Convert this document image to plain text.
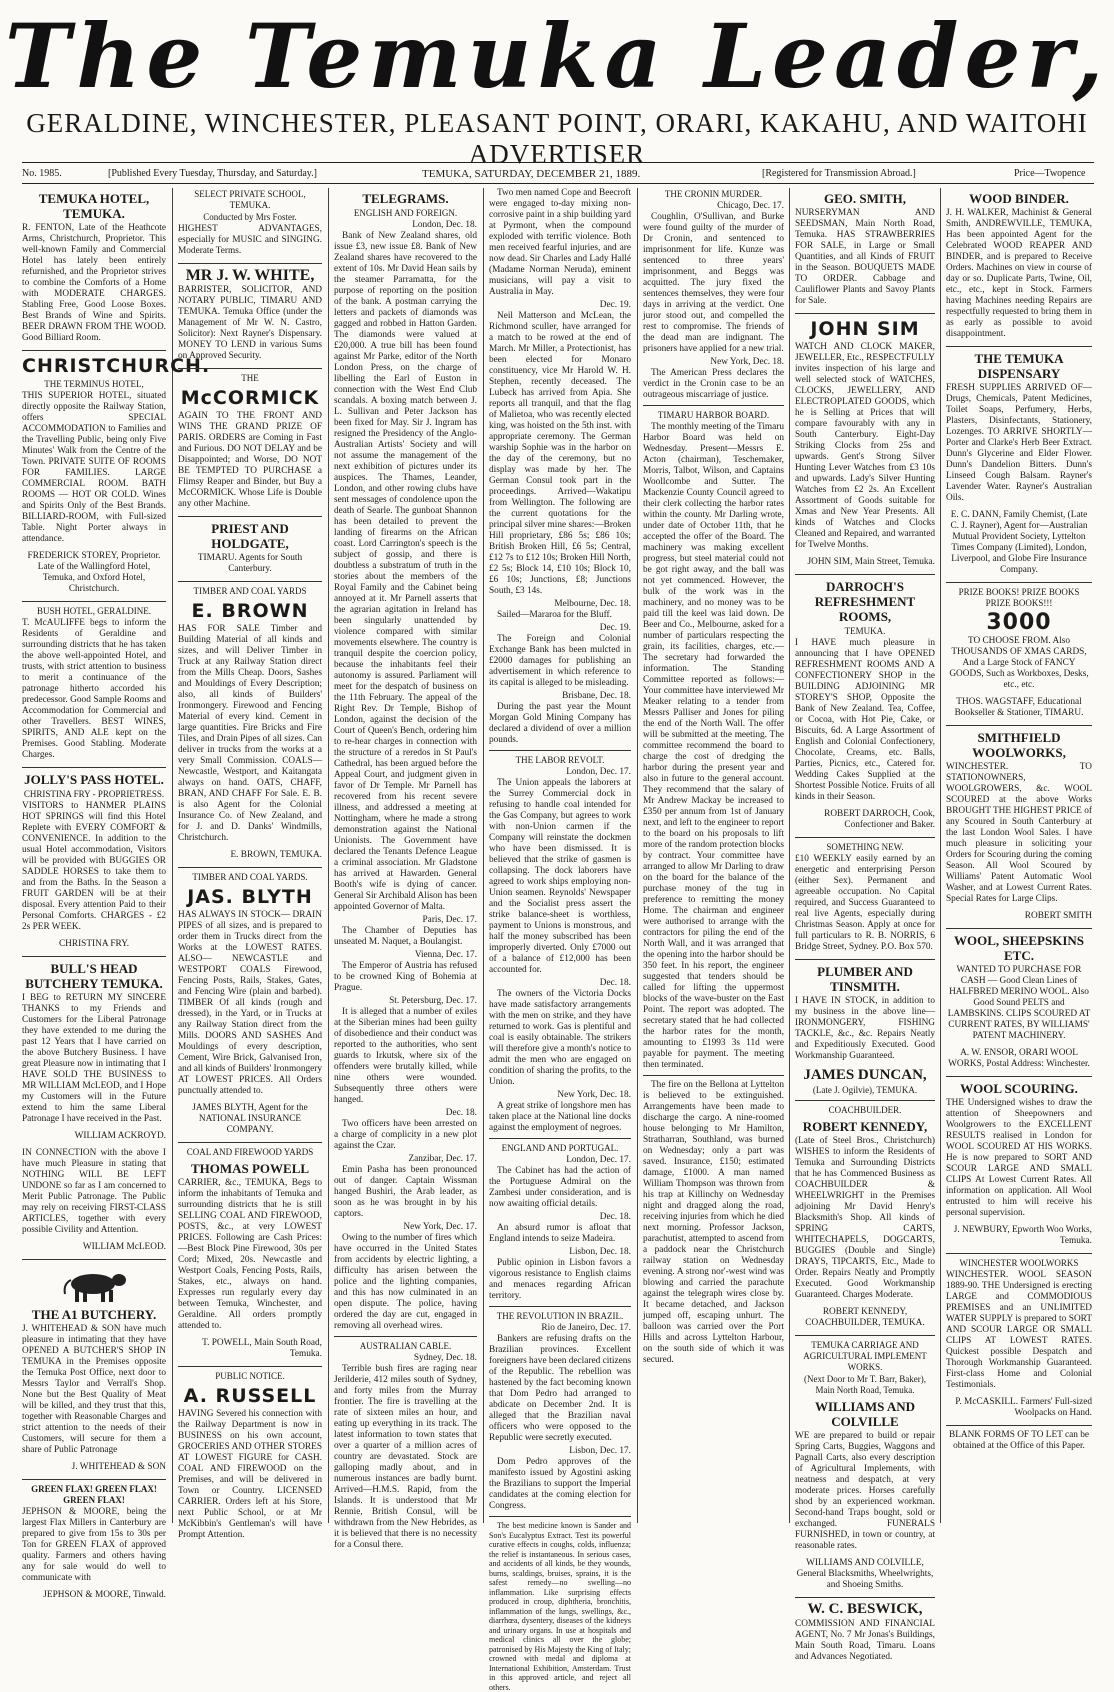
The Temuka Leader,
GERALDINE, WINCHESTER, PLEASANT POINT, ORARI, KAKAHU, AND WAITOHI ADVERTISER
No. 1985.	[Published Every Tuesday, Thursday, and Saturday.]	TEMUKA, SATURDAY, DECEMBER 21, 1889.	[Registered for Transmission Abroad.]	Price—Twopence
TEMUKA HOTEL, TEMUKA.
R. FENTON, Late of the Heathcote Arms, Christchurch, Proprietor. This well-known Family and Commercial Hotel has lately been entirely refurnished, and the Proprietor strives to combine the Comforts of a Home with MODERATE CHARGES. Stabling Free, Good Loose Boxes. Best Brands of Wine and Spirits. BEER DRAWN FROM THE WOOD. Good Billiard Room.
CHRISTCHURCH.
THE TERMINUS HOTEL,
THIS SUPERIOR HOTEL, situated directly opposite the Railway Station, offers SPECIAL ACCOMMODATION to Families and the Travelling Public, being only Five Minutes' Walk from the Centre of the Town. PRIVATE SUITE OF ROOMS FOR FAMILIES. LARGE COMMERCIAL ROOM. BATH ROOMS — HOT OR COLD. Wines and Spirits Only of the Best Brands. BILLIARD-ROOM, with Full-sized Table. Night Porter always in attendance.
FREDERICK STOREY, Proprietor. Late of the Wallingford Hotel, Temuka, and Oxford Hotel, Christchurch.
BUSH HOTEL, GERALDINE.
T. McAULIFFE begs to inform the Residents of Geraldine and surrounding districts that he has taken the above well-appointed Hotel, and trusts, with strict attention to business to merit a continuance of the patronage hitherto accorded his predecessor. Good Sample Rooms and Accommodation for Commercial and other Travellers. BEST WINES, SPIRITS, AND ALE kept on the Premises. Good Stabling. Moderate Charges.
JOLLY'S PASS HOTEL.
CHRISTINA FRY - PROPRIETRESS.
VISITORS to HANMER PLAINS HOT SPRINGS will find this Hotel Replete with EVERY COMFORT & CONVENIENCE. In addition to the usual Hotel accommodation, Visitors will be provided with BUGGIES OR SADDLE HORSES to take them to and from the Baths. In the Season a FRUIT GARDEN will be at their disposal. Every attention Paid to their Personal Comforts. CHARGES - £2 2s PER WEEK.
CHRISTINA FRY.
BULL'S HEAD BUTCHERY TEMUKA.
I BEG to RETURN MY SINCERE THANKS to my Friends and Customers for the Liberal Patronage they have extended to me during the past 12 Years that I have carried on the above Butchery Business. I have great Pleasure now in intimating that I HAVE SOLD THE BUSINESS to MR WILLIAM McLEOD, and I Hope my Customers will in the Future extend to him the same Liberal Patronage I have received in the Past.
WILLIAM ACKROYD.
IN CONNECTION with the above I have much Pleasure in stating that NOTHING WILL BE LEFT UNDONE so far as I am concerned to Merit Public Patronage. The Public may rely on receiving FIRST-CLASS ARTICLES, together with every possible Civility and Attention.
WILLIAM McLEOD.
THE A1 BUTCHERY.
J. WHITEHEAD & SON have much pleasure in intimating that they have OPENED A BUTCHER'S SHOP IN TEMUKA in the Premises opposite the Temuka Post Office, next door to Messrs Taylor and Verrall's Shop. None but the Best Quality of Meat will be killed, and they trust that this, together with Reasonable Charges and strict attention to the needs of their Customers, will secure for them a share of Public Patronage
J. WHITEHEAD & SON
GREEN FLAX! GREEN FLAX! GREEN FLAX!
JEPHSON & MOORE, being the largest Flax Millers in Canterbury are prepared to give from 15s to 30s per Ton for GREEN FLAX of approved quality. Farmers and others having any for sale would do well to communicate with
JEPHSON & MOORE, Tinwald.
SELECT PRIVATE SCHOOL, TEMUKA.
Conducted by Mrs Foster.
HIGHEST ADVANTAGES, especially for MUSIC and SINGING. Moderate Terms.
MR J. W. WHITE,
BARRISTER, SOLICITOR, AND NOTARY PUBLIC, TIMARU AND TEMUKA. Temuka Office (under the Management of Mr W. N. Castro, Solicitor): Next Rayner's Dispensary. MONEY TO LEND in various Sums on Approved Security.
THE
McCORMICK
AGAIN TO THE FRONT AND WINS THE GRAND PRIZE OF PARIS. ORDERS are Coming in Fast and Furious. DO NOT DELAY and be Disappointed; and Worse, DO NOT BE TEMPTED TO PURCHASE a Flimsy Reaper and Binder, but Buy a McCORMICK. Whose Life is Double any other Machine.
PRIEST AND HOLDGATE,
TIMARU. Agents for South Canterbury.
TIMBER AND COAL YARDS
E. BROWN
HAS FOR SALE Timber and Building Material of all kinds and sizes, and will Deliver Timber in Truck at any Railway Station direct from the Mills Cheap. Doors, Sashes and Mouldings of Every Description; also, all kinds of Builders' Ironmongery. Firewood and Fencing Material of every kind. Cement in large quantities. Fire Bricks and Fire Tiles, and Drain Pipes of all sizes. Can deliver in trucks from the works at a very Small Commission. COALS—Newcastle, Westport, and Kaitangata always on hand. OATS, CHAFF, BRAN, AND CHAFF For Sale. E. B. is also Agent for the Colonial Insurance Co. of New Zealand, and for J. and D. Danks' Windmills, Christchurch.
E. BROWN, TEMUKA.
TIMBER AND COAL YARDS.
JAS. BLYTH
HAS ALWAYS IN STOCK— DRAIN PIPES of all sizes, and is prepared to order them in Trucks direct from the Works at the LOWEST RATES. ALSO— NEWCASTLE and WESTPORT COALS Firewood, Fencing Posts, Rails, Stakes, Gates, and Fencing Wire (plain and barbed). TIMBER Of all kinds (rough and dressed), in the Yard, or in Trucks at any Railway Station direct from the Mills. DOORS AND SASHES And Mouldings of every description, Cement, Wire Brick, Galvanised Iron, and all kinds of Builders' Ironmongery AT LOWEST PRICES. All Orders punctually attended to.
JAMES BLYTH, Agent for the NATIONAL INSURANCE COMPANY.
COAL AND FIREWOOD YARDS
THOMAS POWELL
CARRIER, &c., TEMUKA, Begs to inform the inhabitants of Temuka and surrounding districts that he is still SELLING COAL AND FIREWOOD, POSTS, &c., at very LOWEST PRICES. Following are Cash Prices:—Best Block Pine Firewood, 30s per Cord; Mixed, 20s. Newcastle and Westport Coals, Fencing Posts, Rails, Stakes, etc., always on hand. Expresses run regularly every day between Temuka, Winchester, and Geraldine. All orders promptly attended to.
T. POWELL, Main South Road, Temuka.
PUBLIC NOTICE.
A. RUSSELL
HAVING Severed his connection with the Railway Department is now in BUSINESS on his own account, GROCERIES AND OTHER STORES AT LOWEST FIGURE for CASH. COAL AND FIREWOOD on the Premises, and will be delivered in Town or Country. LICENSED CARRIER. Orders left at his Store, next Public School, or at Mr McKibbin's Gentleman's will have Prompt Attention.
TELEGRAMS.
ENGLISH AND FOREIGN.
London, Dec. 18.
Bank of New Zealand shares, old issue £3, new issue £8. Bank of New Zealand shares have recovered to the extent of 10s. Mr David Hean sails by the steamer Parramatta, for the purpose of reporting on the position of the bank. A postman carrying the letters and packets of diamonds was gagged and robbed in Hatton Garden. The diamonds were valued at £20,000. A true bill has been found against Mr Parke, editor of the North London Press, on the charge of libelling the Earl of Euston in connection with the West End Club scandals. A boxing match between J. L. Sullivan and Peter Jackson has been fixed for May. Sir J. Ingram has resigned the Presidency of the Anglo-Australian Artists' Society and will not assume the management of the next exhibition of pictures under its auspices. The Thames, Leander, London, and other rowing clubs have sent messages of condolence upon the death of Searle. The gunboat Shannon has been detailed to prevent the landing of firearms on the African coast. Lord Carrington's speech is the subject of gossip, and there is doubtless a substratum of truth in the stories about the members of the Royal Family and the Cabinet being annoyed at it. Mr Parnell asserts that the agrarian agitation in Ireland has been singularly unattended by violence compared with similar movements elsewhere. The country is tranquil despite the coercion policy, because the inhabitants feel their autonomy is assured. Parliament will meet for the despatch of business on the 11th February. The appeal of the Right Rev. Dr Temple, Bishop of London, against the decision of the Court of Queen's Bench, ordering him to re-hear charges in connection with the structure of a reredos in St Paul's Cathedral, has been argued before the Appeal Court, and judgment given in favor of Dr Temple. Mr Parnell has recovered from his recent severe illness, and addressed a meeting at Nottingham, where he made a strong demonstration against the National Unionists. The Government have declared the Tenants Defence League a criminal association. Mr Gladstone has arrived at Hawarden. General Booth's wife is dying of cancer. General Sir Archibald Alison has been appointed Governor of Malta.
Paris, Dec. 17.
The Chamber of Deputies has unseated M. Naquet, a Boulangist.
Vienna, Dec. 17.
The Emperor of Austria has refused to be crowned King of Bohemia at Prague.
St. Petersburg, Dec. 17.
It is alleged that a number of exiles at the Siberian mines had been guilty of disobedience and their conduct was reported to the authorities, who sent guards to Irkutsk, where six of the offenders were brutally killed, while nine others were wounded. Subsequently three others were hanged.
Dec. 18.
Two officers have been arrested on a charge of complicity in a new plot against the Czar.
Zanzibar, Dec. 17.
Emin Pasha has been pronounced out of danger. Captain Wissman hanged Bushiri, the Arab leader, as soon as he was brought in by his captors.
New York, Dec. 17.
Owing to the number of fires which have occurred in the United States from accidents by electric lighting, a difficulty has arisen between the police and the lighting companies, and this has now culminated in an open dispute. The police, having ordered the day are cut, engaged in removing all overhead wires.
AUSTRALIAN CABLE.
Sydney, Dec. 18.
Terrible bush fires are raging near Jerilderie, 412 miles south of Sydney, and forty miles from the Murray frontier. The fire is travelling at the rate of sixteen miles an hour, and eating up everything in its track. The latest information to town states that over a quarter of a million acres of country are devastated. Stock are galloping madly about, and in numerous instances are badly burnt. Arrived—H.M.S. Rapid, from the Islands. It is understood that Mr Rennie, British Consul, will be withdrawn from the New Hebrides, as it is believed that there is no necessity for a Consul there.
Two men named Cope and Beecroft were engaged to-day mixing non-corrosive paint in a ship building yard at Pyrmont, when the compound exploded with terrific violence. Both men received fearful injuries, and are now dead. Sir Charles and Lady Hallé (Madame Norman Neruda), eminent musicians, will pay a visit to Australia in May.
Dec. 19.
Neil Matterson and McLean, the Richmond sculler, have arranged for a match to be rowed at the end of March. Mr Miller, a Protectionist, has been elected for Monaro constituency, vice Mr Harold W. H. Stephen, recently deceased. The Lubeck has arrived from Apia. She reports all tranquil, and that the flag of Malietoa, who was recently elected king, was hoisted on the 5th inst. with appropriate ceremony. The German warship Sophie was in the harbor on the day of the ceremony, but no display was made by her. The German Consul took part in the proceedings. Arrived—Wakatipu from Wellington. The following are the current quotations for the principal silver mine shares:—Broken Hill proprietary, £86 5s; £86 10s; British Broken Hill, £6 5s; Central, £12 7s to £12 10s; Broken Hill North, £2 5s; Block 14, £10 10s; Block 10, £6 10s; Junctions, £8; Junctions South, £3 14s.
Melbourne, Dec. 18.
Sailed—Mararoa for the Bluff.
Dec. 19.
The Foreign and Colonial Exchange Bank has been mulcted in £2000 damages for publishing an advertisement in which reference to its capital is alleged to be misleading.
Brisbane, Dec. 18.
During the past year the Mount Morgan Gold Mining Company has declared a dividend of over a million pounds.
THE LABOR REVOLT.
London, Dec. 17.
The Union appeals the laborers at the Surrey Commercial dock in refusing to handle coal intended for the Gas Company, but agrees to work with non-Union carmen if the Company will reinstate the dockmen who have been dismissed. It is believed that the strike of gasmen is collapsing. The dock laborers have agreed to work ships employing non-Union seamen. Reynolds' Newspaper and the Socialist press assert the strike balance-sheet is worthless, payment to Unions is monstrous, and half the money subscribed has been improperly diverted. Only £7000 out of a balance of £12,000 has been accounted for.
Dec. 18.
The owners of the Victoria Docks have made satisfactory arrangements with the men on strike, and they have returned to work. Gas is plentiful and coal is easily obtainable. The strikers will therefore give a month's notice to admit the men who are engaged on condition of sharing the profits, to the Union.
New York, Dec. 18.
A great strike of longshore men has taken place at the National line docks against the employment of negroes.
ENGLAND AND PORTUGAL.
London, Dec. 17.
The Cabinet has had the action of the Portuguese Admiral on the Zambesi under consideration, and is now awaiting official details.
Dec. 18.
An absurd rumor is afloat that England intends to seize Madeira.
Lisbon, Dec. 18.
Public opinion in Lisbon favors a vigorous resistance to English claims and menaces regarding African territory.
THE REVOLUTION IN BRAZIL.
Rio de Janeiro, Dec. 17.
Bankers are refusing drafts on the Brazilian provinces. Excellent foreigners have been declared citizens of the Republic. The rebellion was hastened by the fact becoming known that Dom Pedro had arranged to abdicate on December 2nd. It is alleged that the Brazilian naval officers who were opposed to the Republic were secretly executed.
Lisbon, Dec. 17.
Dom Pedro approves of the manifesto issued by Agostini asking the Brazilians to support the Imperial candidates at the coming election for Congress.
The best medicine known is Sander and Son's Eucalyptus Extract. Test its powerful curative effects in coughs, colds, influenza; the relief is instantaneous. In serious cases, and accidents of all kinds, be they wounds, burns, scaldings, bruises, sprains, it is the safest remedy—no swelling—no inflammation. Like surprising effects produced in croup, diphtheria, bronchitis, inflammation of the lungs, swellings, &c., diarrhœa, dysentery, diseases of the kidneys and urinary organs. In use at hospitals and medical clinics all over the globe; patronised by His Majesty the King of Italy; crowned with medal and diploma at International Exhibition, Amsterdam. Trust in this approved article, and reject all others.
THE CRONIN MURDER.
Chicago, Dec. 17.
Coughlin, O'Sullivan, and Burke were found guilty of the murder of Dr Cronin, and sentenced to imprisonment for life. Kunze was sentenced to three years' imprisonment, and Beggs was acquitted. The jury fixed the sentences themselves, they were four days in arriving at the verdict. One juror stood out, and compelled the rest to compromise. The friends of the dead man are indignant. The prisoners have applied for a new trial.
New York, Dec. 18.
The American Press declares the verdict in the Cronin case to be an outrageous miscarriage of justice.
TIMARU HARBOR BOARD.
The monthly meeting of the Timaru Harbor Board was held on Wednesday. Present—Messrs E. Acton (chairman), Teschemaker, Morris, Talbot, Wilson, and Captains Woollcombe and Sutter. The Mackenzie County Council agreed to their clerk collecting the harbor rates within the county. Mr Darling wrote, under date of October 11th, that he accepted the offer of the Board. The machinery was making excellent progress, but steel material could not be got right away, and the ball was not yet commenced. However, the bulk of the work was in the machinery, and no money was to be paid till the keel was laid down. De Beer and Co., Melbourne, asked for a number of particulars respecting the grain, its facilities, charges, etc.—The secretary had forwarded the information. The Standing Committee reported as follows:—Your committee have interviewed Mr Meaker relating to a tender from Messrs Palliser and Jones for piling the end of the North Wall. The offer will be submitted at the meeting. The committee recommend the board to charge the cost of dredging the harbor during the present year and also in future to the general account. They recommend that the salary of Mr Andrew Mackay be increased to £350 per annum from 1st of January next, and left to the engineer to report to the board on his proposals to lift more of the random protection blocks by contract. Your committee have arranged to allow Mr Darling to draw on the board for the balance of the purchase money of the tug in preference to remitting the money Home. The chairman and engineer were authorised to arrange with the contractors for piling the end of the North Wall, and it was arranged that the opening into the harbor should be 350 feet. In his report, the engineer suggested that tenders should be called for lifting the uppermost blocks of the wave-buster on the East Point. The report was adopted. The secretary stated that he had collected the harbor rates for the month, amounting to £1993 3s 11d were payable for payment. The meeting then terminated.
The fire on the Bellona at Lyttelton is believed to be extinguished. Arrangements have been made to discharge the cargo. A nine-roomed house belonging to Mr Hamilton, Stratharran, Southland, was burned on Wednesday; only a part was saved. Insurance, £150; estimated damage, £1000. A man named William Thompson was thrown from his trap at Killinchy on Wednesday night and dragged along the road, receiving injuries from which he died next morning. Professor Jackson, parachutist, attempted to ascend from a paddock near the Christchurch railway station on Wednesday evening. A strong nor'-west wind was blowing and carried the parachute against the telegraph wires close by. It became detached, and Jackson jumped off, escaping unhurt. The balloon was carried over the Port Hills and across Lyttelton Harbour, on the south side of which it was secured.
GEO. SMITH,
NURSERYMAN AND SEEDSMAN, Main North Road, Temuka. HAS STRAWBERRIES FOR SALE, in Large or Small Quantities, and all Kinds of FRUIT in the Season. BOUQUETS MADE TO ORDER. Cabbage and Cauliflower Plants and Savoy Plants for Sale.
JOHN SIM
WATCH AND CLOCK MAKER, JEWELLER, Etc., RESPECTFULLY invites inspection of his large and well selected stock of WATCHES, CLOCKS, JEWELLERY, AND ELECTROPLATED GOODS, which he is Selling at Prices that will compare favourably with any in South Canterbury. Eight-Day Striking Clocks from 25s and upwards. Gent's Strong Silver Hunting Lever Watches from £3 10s and upwards. Lady's Silver Hunting Watches from £2 2s. An Excellent Assortment of Goods suitable for Xmas and New Year Presents. All kinds of Watches and Clocks Cleaned and Repaired, and warranted for Twelve Months.
JOHN SIM, Main Street, Temuka.
DARROCH'S REFRESHMENT ROOMS,
TEMUKA.
I HAVE much pleasure in announcing that I have OPENED REFRESHMENT ROOMS AND A CONFECTIONERY SHOP in the BUILDING ADJOINING MR STOREY'S SHOP, Opposite the Bank of New Zealand. Tea, Coffee, or Cocoa, with Hot Pie, Cake, or Biscuits, 6d. A Large Assortment of English and Colonial Confectionery, Chocolate, Creams, etc. Balls, Parties, Picnics, etc., Catered for. Wedding Cakes Supplied at the Shortest Possible Notice. Fruits of all kinds in their Season.
ROBERT DARROCH, Cook, Confectioner and Baker.
SOMETHING NEW.
£10 WEEKLY easily earned by an energetic and enterprising Person (either Sex). Permanent and agreeable occupation. No Capital required, and Success Guaranteed to real live Agents, especially during Christmas Season. Apply at once for full particulars to R. B. NORRIS, 6 Bridge Street, Sydney. P.O. Box 570.
PLUMBER AND TINSMITH.
I HAVE IN STOCK, in addition to my business in the above line—IRONMONGERY, FISHING TACKLE, &c., &c. Repairs Neatly and Expeditiously Executed. Good Workmanship Guaranteed.
JAMES DUNCAN,
(Late J. Ogilvie), TEMUKA.
COACHBUILDER.
ROBERT KENNEDY,
(Late of Steel Bros., Christchurch) WISHES to inform the Residents of Temuka and Surrounding Districts that he has Commenced Business as COACHBUILDER & WHEELWRIGHT in the Premises adjoining Mr David Henry's Blacksmith's Shop. All kinds of SPRING CARTS, WHITECHAPELS, DOGCARTS, BUGGIES (Double and Single) DRAYS, TIPCARTS, Etc., Made to Order. Repairs Neatly and Promptly Executed. Good Workmanship Guaranteed. Charges Moderate.
ROBERT KENNEDY, COACHBUILDER, TEMUKA.
TEMUKA CARRIAGE AND AGRICULTURAL IMPLEMENT WORKS.
(Next Door to Mr T. Barr, Baker), Main North Road, Temuka.
WILLIAMS AND COLVILLE
WE are prepared to build or repair Spring Carts, Buggies, Waggons and Pagnall Carts, also every description of Agricultural Implements, with neatness and despatch, at very moderate prices. Horses carefully shod by an experienced workman. Second-hand Traps bought, sold or exchanged. FUNERALS FURNISHED, in town or country, at reasonable rates.
WILLIAMS AND COLVILLE, General Blacksmiths, Wheelwrights, and Shoeing Smiths.
W. C. BESWICK,
COMMISSION AND FINANCIAL AGENT, No. 7 Mr Jonas's Buildings, Main South Road, Timaru. Loans and Advances Negotiated.
WOOD BINDER.
J. H. WALKER, Machinist & General Smith, ANDREWVILLE, TEMUKA, Has been appointed Agent for the Celebrated WOOD REAPER AND BINDER, and is prepared to Receive Orders. Machines on view in course of day or so. Duplicate Parts, Twine, Oil, etc., etc., kept in Stock. Farmers having Machines needing Repairs are respectfully requested to bring them in as early as possible to avoid disappointment.
THE TEMUKA DISPENSARY
FRESH SUPPLIES ARRIVED OF— Drugs, Chemicals, Patent Medicines, Toilet Soaps, Perfumery, Herbs, Plasters, Disinfectants, Stationery, Lozenges. TO ARRIVE SHORTLY— Porter and Clarke's Herb Beer Extract. Dunn's Glycerine and Elder Flower. Dunn's Dandelion Bitters. Dunn's Linseed Cough Balsam. Rayner's Lavender Water. Rayner's Australian Oils.
E. C. DANN, Family Chemist, (Late C. J. Rayner), Agent for—Australian Mutual Provident Society, Lyttelton Times Company (Limited), London, Liverpool, and Globe Fire Insurance Company.
PRIZE BOOKS! PRIZE BOOKS PRIZE BOOKS!!!
3000
TO CHOOSE FROM. Also THOUSANDS OF XMAS CARDS, And a Large Stock of FANCY GOODS, Such as Workboxes, Desks, etc., etc.
THOS. WAGSTAFF, Educational Bookseller & Stationer, TIMARU.
SMITHFIELD WOOLWORKS,
WINCHESTER. TO STATIONOWNERS, WOOLGROWERS, &c. WOOL SCOURED at the above Works BROUGHT THE HIGHEST PRICE of any Scoured in South Canterbury at the last London Wool Sales. I have much pleasure in soliciting your Orders for Scouring during the coming Season. All Wool Scoured by Williams' Patent Automatic Wool Washer, and at Lowest Current Rates. Special Rates for Large Clips.
ROBERT SMITH
WOOL, SHEEPSKINS ETC.
WANTED TO PURCHASE FOR CASH — Good Clean Lines of HALFBRED MERINO WOOL. Also Good Sound PELTS and LAMBSKINS. CLIPS SCOURED AT CURRENT RATES, BY WILLIAMS' PATENT MACHINERY.
A. W. ENSOR, ORARI WOOL WORKS, Postal Address: Winchester.
WOOL SCOURING.
THE Undersigned wishes to draw the attention of Sheepowners and Woolgrowers to the EXCELLENT RESULTS realised in London for WOOL SCOURED AT HIS WORKS. He is now prepared to SORT AND SCOUR LARGE AND SMALL CLIPS At Lowest Current Rates. All information on application. All Wool entrusted to him will receive his personal supervision.
J. NEWBURY, Epworth Woo Works, Temuka.
WINCHESTER WOOLWORKS
WINCHESTER. WOOL SEASON 1889-90. THE Undersigned is erecting LARGE and COMMODIOUS PREMISES and an UNLIMITED WATER SUPPLY is prepared to SORT AND SCOUR LARGE OR SMALL CLIPS AT LOWEST RATES. Quickest possible Despatch and Thorough Workmanship Guaranteed. First-class Home and Colonial Testimonials.
P. McCASKILL. Farmers' Full-sized Woolpacks on Hand.
BLANK FORMS OF TO LET can be obtained at the Office of this Paper.
